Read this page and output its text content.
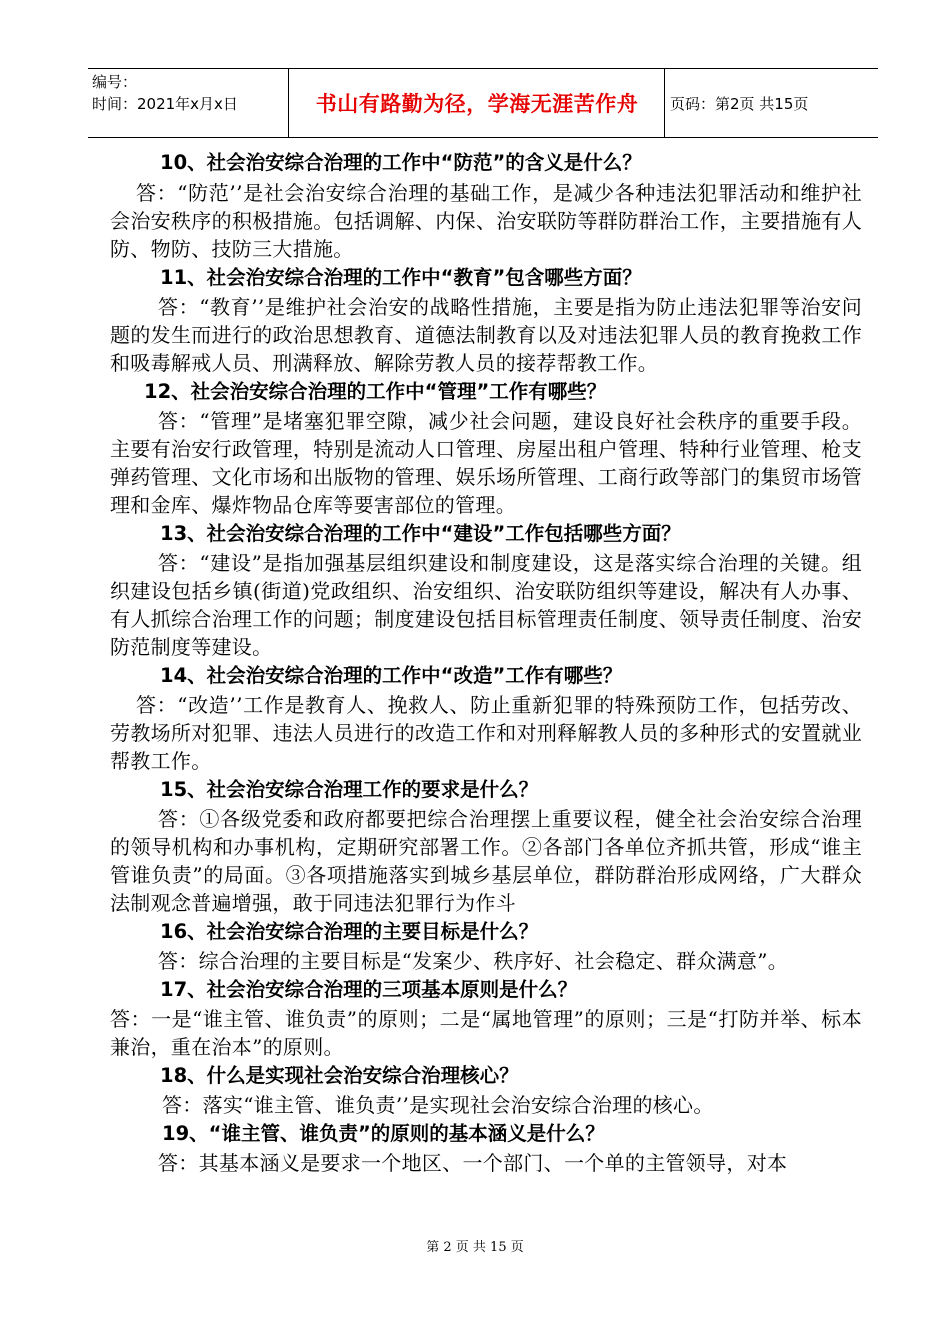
编号：
时间：2021年x月x日	书山有路勤为径，学海无涯苦作舟	页码：第2页 共15页
10、社会治安综合治理的工作中“防范”的含义是什么？

答：“防范’’是社会治安综合治理的基础工作，是减少各种违法犯罪活动和维护社会治安秩序的积极措施。包括调解、内保、治安联防等群防群治工作，主要措施有人防、物防、技防三大措施。

11、社会治安综合治理的工作中“教育”包含哪些方面？

答：“教育’’是维护社会治安的战略性措施，主要是指为防止违法犯罪等治安问题的发生而进行的政治思想教育、道德法制教育以及对违法犯罪人员的教育挽救工作和吸毒解戒人员、刑满释放、解除劳教人员的接荐帮教工作。

12、社会治安综合治理的工作中“管理”工作有哪些？

答：“管理”是堵塞犯罪空隙，减少社会问题，建设良好社会秩序的重要手段。主要有治安行政管理，特别是流动人口管理、房屋出租户管理、特种行业管理、枪支弹药管理、文化市场和出版物的管理、娱乐场所管理、工商行政等部门的集贸市场管理和金库、爆炸物品仓库等要害部位的管理。

13、社会治安综合治理的工作中“建设”工作包括哪些方面？

答：“建设”是指加强基层组织建设和制度建设，这是落实综合治理的关键。组织建设包括乡镇(街道)党政组织、治安组织、治安联防组织等建设，解决有人办事、有人抓综合治理工作的问题；制度建设包括目标管理责任制度、领导责任制度、治安防范制度等建设。

14、社会治安综合治理的工作中“改造”工作有哪些？

答：“改造’’工作是教育人、挽救人、防止重新犯罪的特殊预防工作，包括劳改、劳教场所对犯罪、违法人员进行的改造工作和对刑释解教人员的多种形式的安置就业帮教工作。

15、社会治安综合治理工作的要求是什么？

答：①各级党委和政府都要把综合治理摆上重要议程，健全社会治安综合治理的领导机构和办事机构，定期研究部署工作。②各部门各单位齐抓共管，形成“谁主管谁负责”的局面。③各项措施落实到城乡基层单位，群防群治形成网络，广大群众法制观念普遍增强，敢于同违法犯罪行为作斗

16、社会治安综合治理的主要目标是什么？

答：综合治理的主要目标是“发案少、秩序好、社会稳定、群众满意”。

17、社会治安综合治理的三项基本原则是什么？

答：一是“谁主管、谁负责”的原则；二是“属地管理”的原则；三是“打防并举、标本兼治，重在治本”的原则。

18、什么是实现社会治安综合治理核心？

答：落实“谁主管、谁负责’’是实现社会治安综合治理的核心。

19、“谁主管、谁负责”的原则的基本涵义是什么？

答：其基本涵义是要求一个地区、一个部门、一个单的主管领导，对本

第 2 页 共 15 页
